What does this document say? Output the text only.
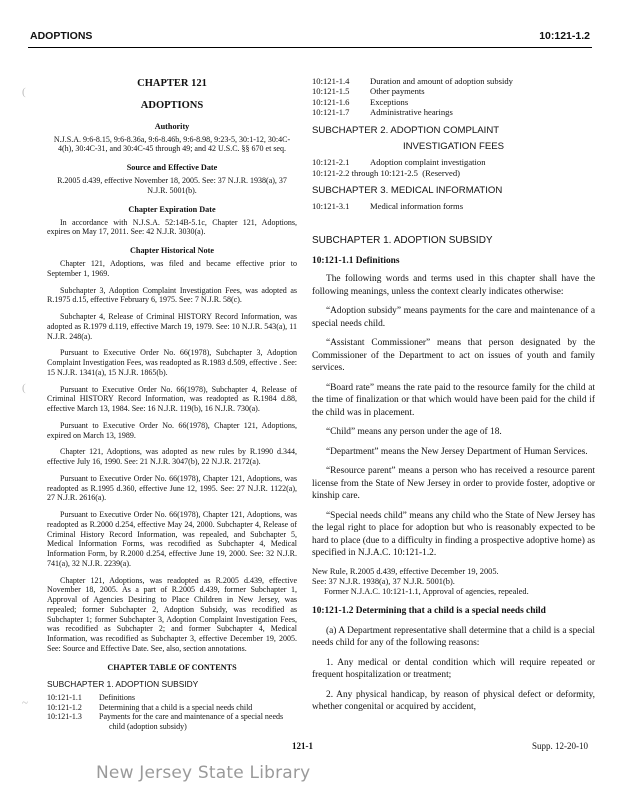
ADOPTIONS	10:121-1.2
(
(
~
CHAPTER 121
ADOPTIONS
Authority

N.J.S.A. 9:6-8.15, 9:6-8.36a, 9:6-8.46b, 9:6-8.98, 9:23-5, 30:1-12, 30:4C-4(h), 30:4C-31, and 30:4C-45 through 49; and 42 U.S.C. §§ 670 et seq.

Source and Effective Date

R.2005 d.439, effective November 18, 2005. See: 37 N.J.R. 1938(a), 37 N.J.R. 5001(b).

Chapter Expiration Date

In accordance with N.J.S.A. 52:14B-5.1c, Chapter 121, Adoptions, expires on May 17, 2011. See: 42 N.J.R. 3030(a).

Chapter Historical Note

Chapter 121, Adoptions, was filed and became effective prior to September 1, 1969.

Subchapter 3, Adoption Complaint Investigation Fees, was adopted as R.1975 d.15, effective February 6, 1975. See: 7 N.J.R. 58(c).

Subchapter 4, Release of Criminal HISTORY Record Information, was adopted as R.1979 d.119, effective March 19, 1979. See: 10 N.J.R. 543(a), 11 N.J.R. 248(a).

Pursuant to Executive Order No. 66(1978), Subchapter 3, Adoption Complaint Investigation Fees, was readopted as R.1983 d.509, effective . See: 15 N.J.R. 1341(a), 15 N.J.R. 1865(b).

Pursuant to Executive Order No. 66(1978), Subchapter 4, Release of Criminal HISTORY Record Information, was readopted as R.1984 d.88, effective March 13, 1984. See: 16 N.J.R. 119(b), 16 N.J.R. 730(a).

Pursuant to Executive Order No. 66(1978), Chapter 121, Adoptions, expired on March 13, 1989.

Chapter 121, Adoptions, was adopted as new rules by R.1990 d.344, effective July 16, 1990. See: 21 N.J.R. 3047(b), 22 N.J.R. 2172(a).

Pursuant to Executive Order No. 66(1978), Chapter 121, Adoptions, was readopted as R.1995 d.360, effective June 12, 1995. See: 27 N.J.R. 1122(a), 27 N.J.R. 2616(a).

Pursuant to Executive Order No. 66(1978), Chapter 121, Adoptions, was readopted as R.2000 d.254, effective May 24, 2000. Subchapter 4, Release of Criminal History Record Information, was repealed, and Subchapter 5, Medical Information Forms, was recodified as Subchapter 4, Medical Information Form, by R.2000 d.254, effective June 19, 2000. See: 32 N.J.R. 741(a), 32 N.J.R. 2239(a).

Chapter 121, Adoptions, was readopted as R.2005 d.439, effective November 18, 2005. As a part of R.2005 d.439, former Subchapter 1, Approval of Agencies Desiring to Place Children in New Jersey, was repealed; former Subchapter 2, Adoption Subsidy, was recodified as Subchapter 1; former Subchapter 3, Adoption Complaint Investigation Fees, was recodified as Subchapter 2; and former Subchapter 4, Medical Information, was recodified as Subchapter 3, effective December 19, 2005. See: Source and Effective Date. See, also, section annotations.

CHAPTER TABLE OF CONTENTS
SUBCHAPTER 1. ADOPTION SUBSIDY
10:121-1.1	Definitions
10:121-1.2	Determining that a child is a special needs child
10:121-1.3	Payments for the care and maintenance of a special needs child (adoption subsidy)
10:121-1.4	Duration and amount of adoption subsidy
10:121-1.5	Other payments
10:121-1.6	Exceptions
10:121-1.7	Administrative hearings
SUBCHAPTER 2. ADOPTION COMPLAINT
INVESTIGATION FEES
10:121-2.1	Adoption complaint investigation
10:121-2.2 through 10:121-2.5
(Reserved)
SUBCHAPTER 3. MEDICAL INFORMATION
10:121-3.1	Medical information forms
SUBCHAPTER 1. ADOPTION SUBSIDY
10:121-1.1 Definitions

The following words and terms used in this chapter shall have the following meanings, unless the context clearly indicates otherwise:

“Adoption subsidy” means payments for the care and maintenance of a special needs child.

“Assistant Commissioner” means that person designated by the Commissioner of the Department to act on issues of youth and family services.

“Board rate” means the rate paid to the resource family for the child at the time of finalization or that which would have been paid for the child if the child was in placement.

“Child” means any person under the age of 18.

“Department” means the New Jersey Department of Human Services.

“Resource parent” means a person who has received a resource parent license from the State of New Jersey in order to provide foster, adoptive or kinship care.

“Special needs child” means any child who the State of New Jersey has the legal right to place for adoption but who is reasonably expected to be hard to place (due to a difficulty in finding a prospective adoptive home) as specified in N.J.A.C. 10:121-1.2.

New Rule, R.2005 d.439, effective December 19, 2005.
See: 37 N.J.R. 1938(a), 37 N.J.R. 5001(b).
Former N.J.A.C. 10:121-1.1, Approval of agencies, repealed.
10:121-1.2 Determining that a child is a special needs child

(a) A Department representative shall determine that a child is a special needs child for any of the following reasons:

1. Any medical or dental condition which will require repeated or frequent hospitalization or treatment;

2. Any physical handicap, by reason of physical defect or deformity, whether congenital or acquired by accident,

121-1	Supp. 12-20-10
New Jersey State Library
